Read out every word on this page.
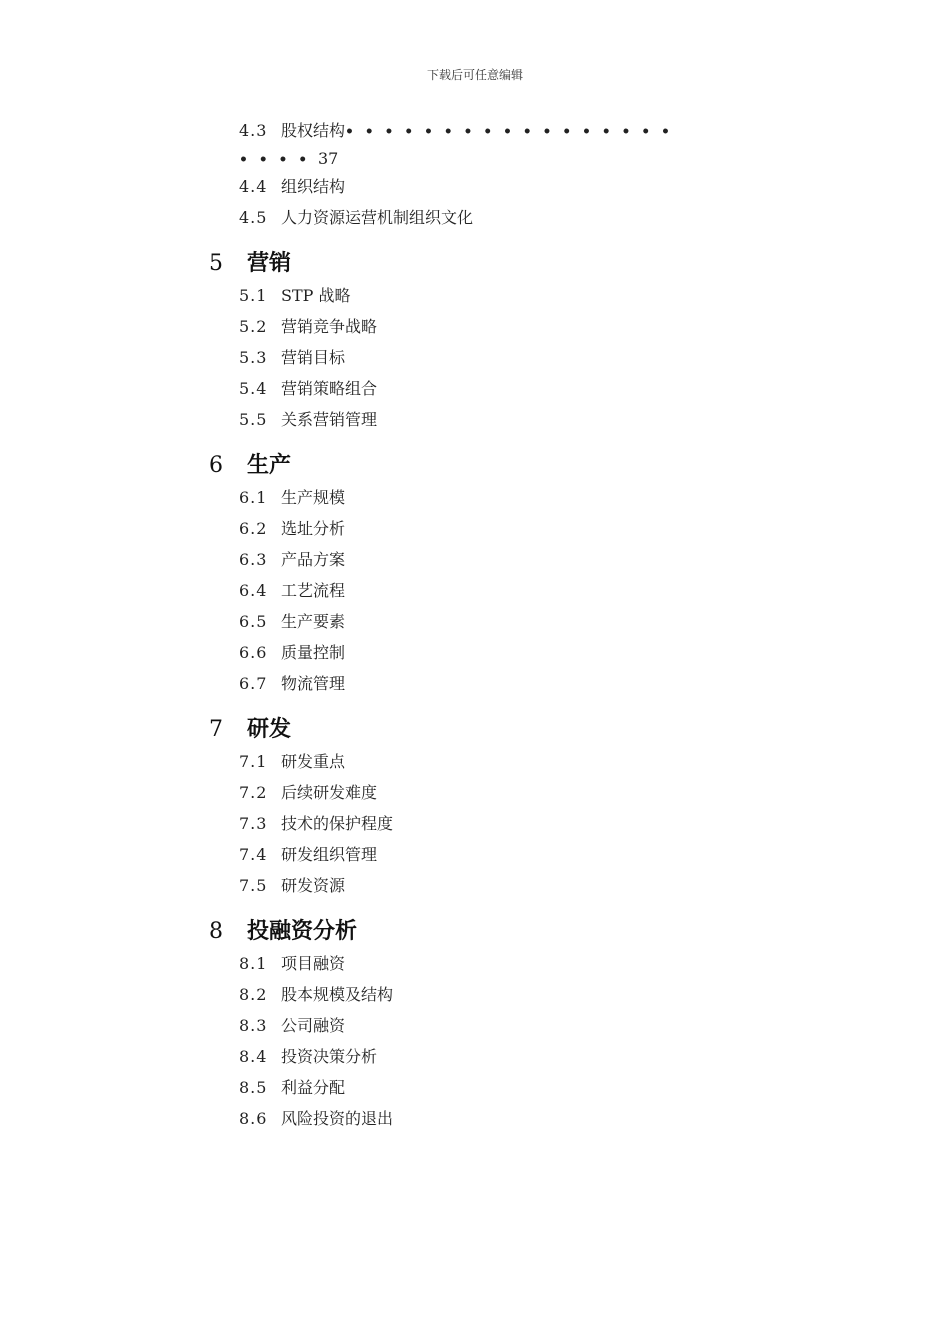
下载后可任意编辑
4.3 股权结构•••••••••••••••••
••••37
4.4 组织结构
4.5 人力资源运营机制组织文化
5 营销
5.1 STP 战略
5.2 营销竞争战略
5.3 营销目标
5.4 营销策略组合
5.5 关系营销管理
6 生产
6.1 生产规模
6.2 选址分析
6.3 产品方案
6.4 工艺流程
6.5 生产要素
6.6 质量控制
6.7 物流管理
7 研发
7.1 研发重点
7.2 后续研发难度
7.3 技术的保护程度
7.4 研发组织管理
7.5 研发资源
8 投融资分析
8.1 项目融资
8.2 股本规模及结构
8.3 公司融资
8.4 投资决策分析
8.5 利益分配
8.6 风险投资的退出
